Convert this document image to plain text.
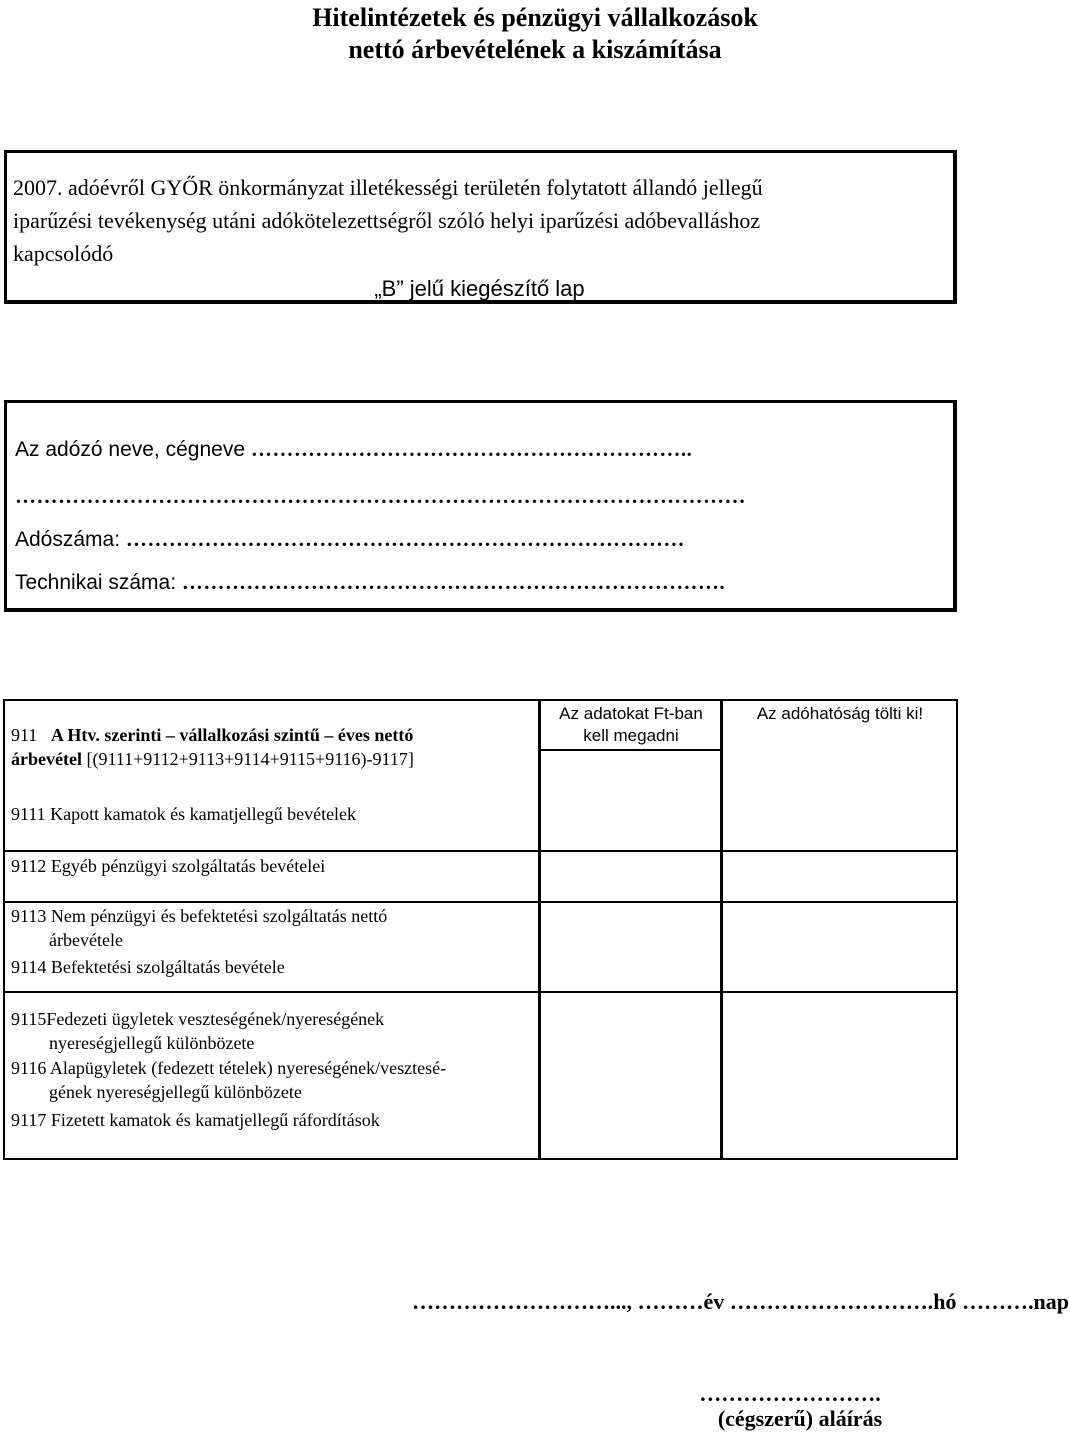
Hitelintézetek és pénzügyi vállalkozások
nettó árbevételének a kiszámítása
2007. adóévről GYŐR önkormányzat illetékességi területén folytatott állandó jellegű
iparűzési tevékenység utáni adókötelezettségről szóló helyi iparűzési adóbevalláshoz
kapcsolódó
„B” jelű kiegészítő lap
Az adózó neve, cégneve ……………………………………………………..
…………………………………………………………………………………………
Adószáma: ……………………………………………………………………
Technikai száma: ………………………………………………………………….
Az adatokat Ft-ban
kell megadni
Az adóhatóság tölti ki!
911 A Htv. szerinti – vállalkozási szintű – éves nettó
árbevétel [(9111+9112+9113+9114+9115+9116)-9117]
9111 Kapott kamatok és kamatjellegű bevételek
9112 Egyéb pénzügyi szolgáltatás bevételei
9113 Nem pénzügyi és befektetési szolgáltatás nettó
árbevétele
9114 Befektetési szolgáltatás bevétele
9115Fedezeti ügyletek veszteségének/nyereségének
nyereségjellegű különbözete
9116 Alapügyletek (fedezett tételek) nyereségének/vesztesé-
gének nyereségjellegű különbözete
9117 Fizetett kamatok és kamatjellegű ráfordítások
………………………..., ………év ……………………….hó ……….nap
…………………….
(cégszerű) aláírás
